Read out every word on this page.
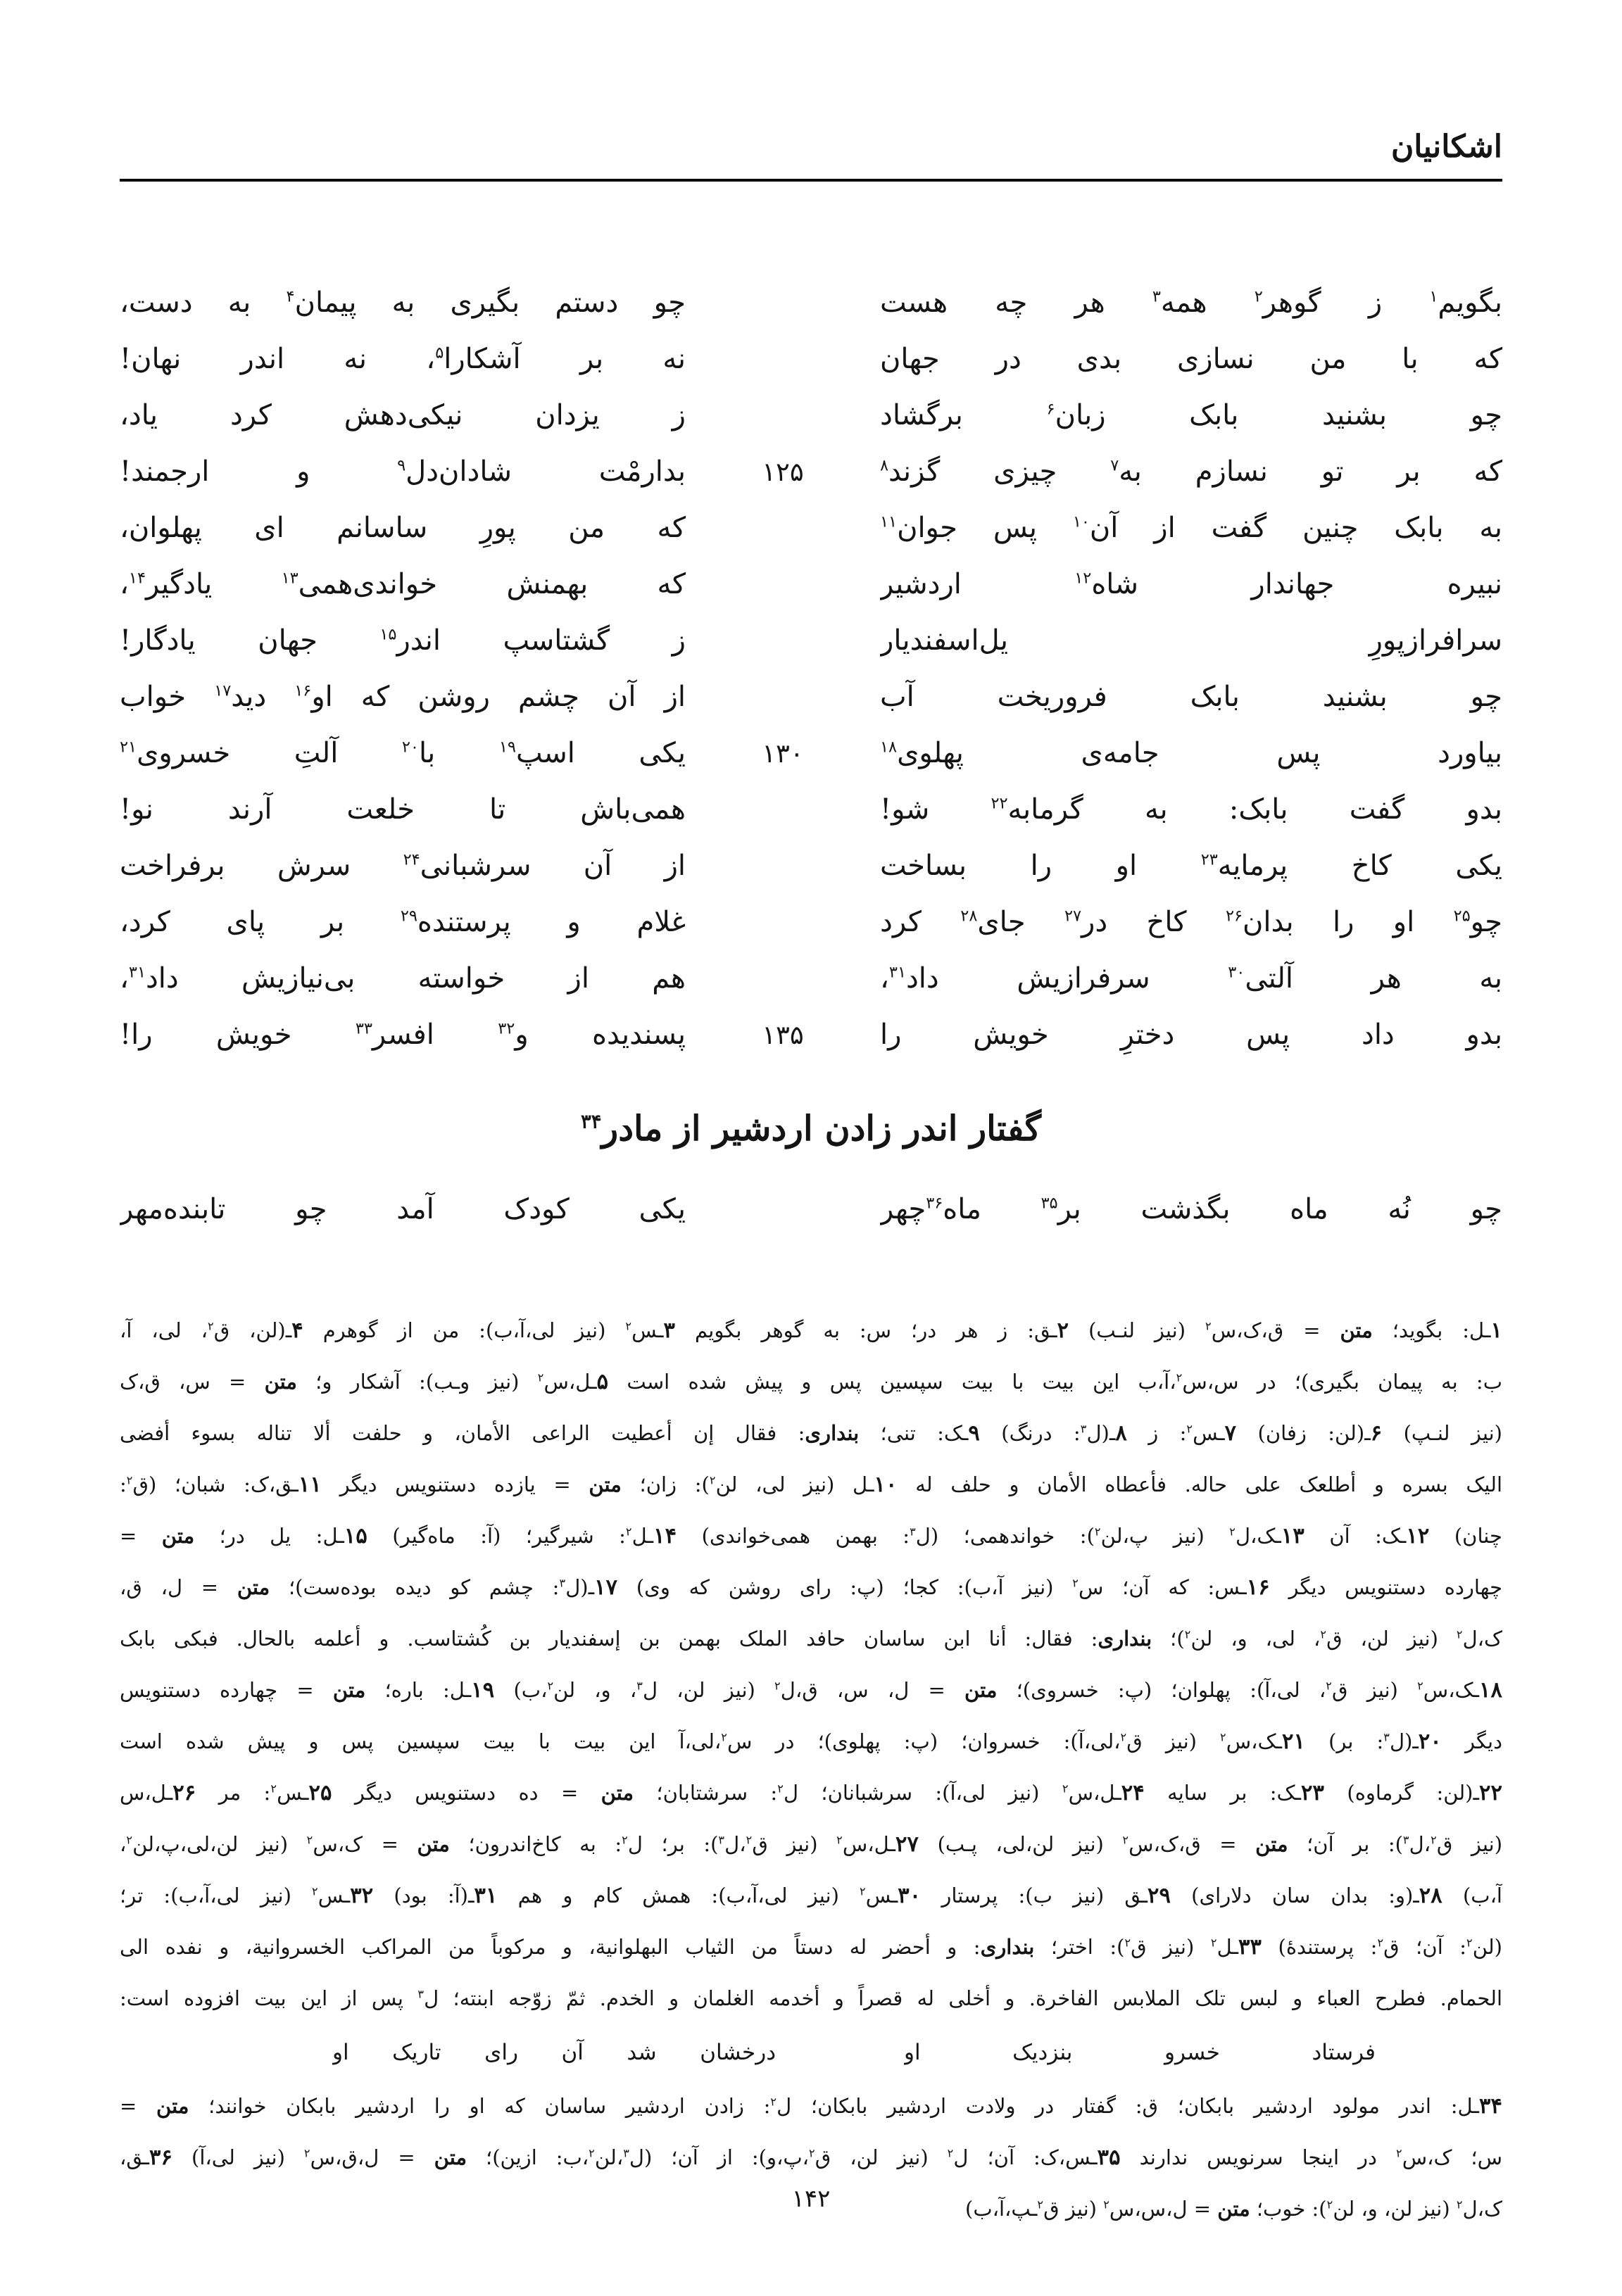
اشکانیان
بگویم$^۱$ ز گوهر$^۲$ همه$^۳$ هر چه هست
چو دستم بگیری به پیمان$^۴$ به دست،
که با من نسازی بدی در جهان
نه بر آشکارا$^۵$، نه اندر نهان!
چو بشنید بابک زبان$^۶$ برگشاد
ز یزدان نیکی‌دهش کرد یاد،
که بر تو نسازم به$^۷$ چیزی گزند$^۸$
۱۲۵
بدارمْت شادان‌دل$^۹$ و ارجمند!
به بابک چنین گفت از آن$^{۱۰}$ پس جوان$^{۱۱}$
که من پورِ ساسانم ای پهلوان،
نبیره جهاندار شاه$^{۱۲}$ اردشیر
که بهمنش خواندی‌همی$^{۱۳}$ یادگیر$^{۱۴}$،
سرافرازپورِ یل‌اسفندیار
ز گشتاسپ اندر$^{۱۵}$ جهان یادگار!
چو بشنید بابک فروریخت آب
از آن چشم روشن که او$^{۱۶}$ دید$^{۱۷}$ خواب
بیاورد پس جامه‌ی پهلوی$^{۱۸}$
۱۳۰
یکی اسپ$^{۱۹}$ با$^{۲۰}$ آلتِ خسروی$^{۲۱}$
بدو گفت بابک: به گرمابه$^{۲۲}$ شو!
همی‌باش تا خلعت آرند نو!
یکی کاخ پرمایه$^{۲۳}$ او را بساخت
از آن سرشبانی$^{۲۴}$ سرش برفراخت
چو$^{۲۵}$ او را بدان$^{۲۶}$ کاخ در$^{۲۷}$ جای$^{۲۸}$ کرد
غلام و پرستنده$^{۲۹}$ بر پای کرد،
به هر آلتی$^{۳۰}$ سرفرازیش داد$^{۳۱}$،
هم از خواسته بی‌نیازیش داد$^{۳۱}$،
بدو داد پس دخترِ خویش را
۱۳۵
پسندیده و$^{۳۲}$ افسر$^{۳۳}$ خویش را!
گفتار اندر زادن اردشیر از مادر$^{۳۴}$
چو نُه ماه بگذشت بر$^{۳۵}$ ماه$^{۳۶}$چهر
یکی کودک آمد چو تابنده‌مهر
۱ـل: بگوید؛ متن = ق،ک،س$^۲$ (نیز لنـب) ۲ـق: ز هر در؛ س: به گوهر بگویم ۳ـس$^۲$ (نیز لی،آ،ب): من از گوهرم ۴ـ(لن، ق$^۲$، لی، آ،
ب: به پیمان بگیری)؛ در س،س$^۲$،آ،ب این بیت با بیت سپسین پس و پیش شده است ۵ـل،س$^۲$ (نیز وـب): آشکار و؛ متن = س، ق،ک
(نیز لنـپ) ۶ـ(لن: زفان) ۷ـس$^۲$: ز ۸ـ(ل$^۳$: درنگ) ۹ـک: تنی؛ بنداری: فقال إن أعطیت الراعی الأمان، و حلفت ألا تناله بسوء أفضی
الیک بسره و أطلعک علی حاله. فأعطاه الأمان و حلف له ۱۰ـل (نیز لی، لن$^۲$): زان؛ متن = یازده دستنویس دیگر ۱۱ـق،ک: شبان؛ (ق$^۲$:
چنان) ۱۲ـک: آن ۱۳ـک،ل$^۲$ (نیز پ،لن$^۲$): خواندهمی؛ (ل$^۳$: بهمن همی‌خواندی) ۱۴ـل$^۲$: شیرگیر؛ (آ: ماه‌گیر) ۱۵ـل: یل در؛ متن =
چهارده دستنویس دیگر ۱۶ـس: که آن؛ س$^۲$ (نیز آ،ب): کجا؛ (پ: رای روشن که وی) ۱۷ـ(ل$^۳$: چشم کو دیده بوده‌ست)؛ متن = ل، ق،
ک،ل$^۲$ (نیز لن، ق$^۲$، لی، و، لن$^۲$)؛ بنداری: فقال: أنا ابن ساسان حافد الملک بهمن بن إسفندیار بن کُشتاسب. و أعلمه بالحال. فبکی بابک
۱۸ـک،س$^۲$ (نیز ق$^۲$، لی،آ): پهلوان؛ (پ: خسروی)؛ متن = ل، س، ق،ل$^۲$ (نیز لن، ل$^۳$، و، لن$^۲$،ب) ۱۹ـل: باره؛ متن = چهارده دستنویس
دیگر ۲۰ـ(ل$^۳$: بر) ۲۱ـک،س$^۲$ (نیز ق$^۲$،لی،آ): خسروان؛ (پ: پهلوی)؛ در س$^۲$،لی،آ این بیت با بیت سپسین پس و پیش شده است
۲۲ـ(لن: گرماوه) ۲۳ـک: بر سایه ۲۴ـل،س$^۲$ (نیز لی،آ): سرشبانان؛ ل$^۲$: سرشتابان؛ متن = ده دستنویس دیگر ۲۵ـس$^۲$: مر ۲۶ـل،س
(نیز ق$^۲$،ل$^۳$): بر آن؛ متن = ق،ک،س$^۲$ (نیز لن،لی، پـب) ۲۷ـل،س$^۲$ (نیز ق$^۲$،ل$^۳$): بر؛ ل$^۲$: به کاخ‌اندرون؛ متن = ک،س$^۲$ (نیز لن،لی،پ،لن$^۲$،
آ،ب) ۲۸ـ(و: بدان سان دلارای) ۲۹ـق (نیز ب): پرستار ۳۰ـس$^۲$ (نیز لی،آ،ب): همش کام و هم ۳۱ـ(آ: بود) ۳۲ـس$^۲$ (نیز لی،آ،ب): تر؛
(لن$^۲$: آن؛ ق$^۲$: پرستندۀ) ۳۳ـل$^۲$ (نیز ق$^۲$): اختر؛ بنداری: و أحضر له دستاً من الثیاب البهلوانیة، و مرکوباً من المراکب الخسروانیة، و نفده الی
الحمام. فطرح العباء و لبس تلک الملابس الفاخرة. و أخلی له قصراً و أخدمه الغلمان و الخدم. ثمّ زوّجه ابنته؛ ل$^۳$ پس از این بیت افزوده است:
فرستاد خسرو بنزدیک او
درخشان شد آن رای تاریک او
۳۴ـل: اندر مولود اردشیر بابکان؛ ق: گفتار در ولادت اردشیر بابکان؛ ل$^۲$: زادن اردشیر ساسان که او را اردشیر بابکان خوانند؛ متن =
س؛ ک،س$^۲$ در اینجا سرنویس ندارند ۳۵ـس،ک: آن؛ ل$^۲$ (نیز لن، ق$^۲$،پ،و): از آن؛ (ل$^۳$،لن$^۲$،ب: ازین)؛ متن = ل،ق،س$^۲$ (نیز لی،آ) ۳۶ـق،
ک،ل$^۲$ (نیز لن، و، لن$^۲$): خوب؛ متن = ل،س،س$^۲$ (نیز ق$^۲$ـپ،آ،ب)
۱۴۲
